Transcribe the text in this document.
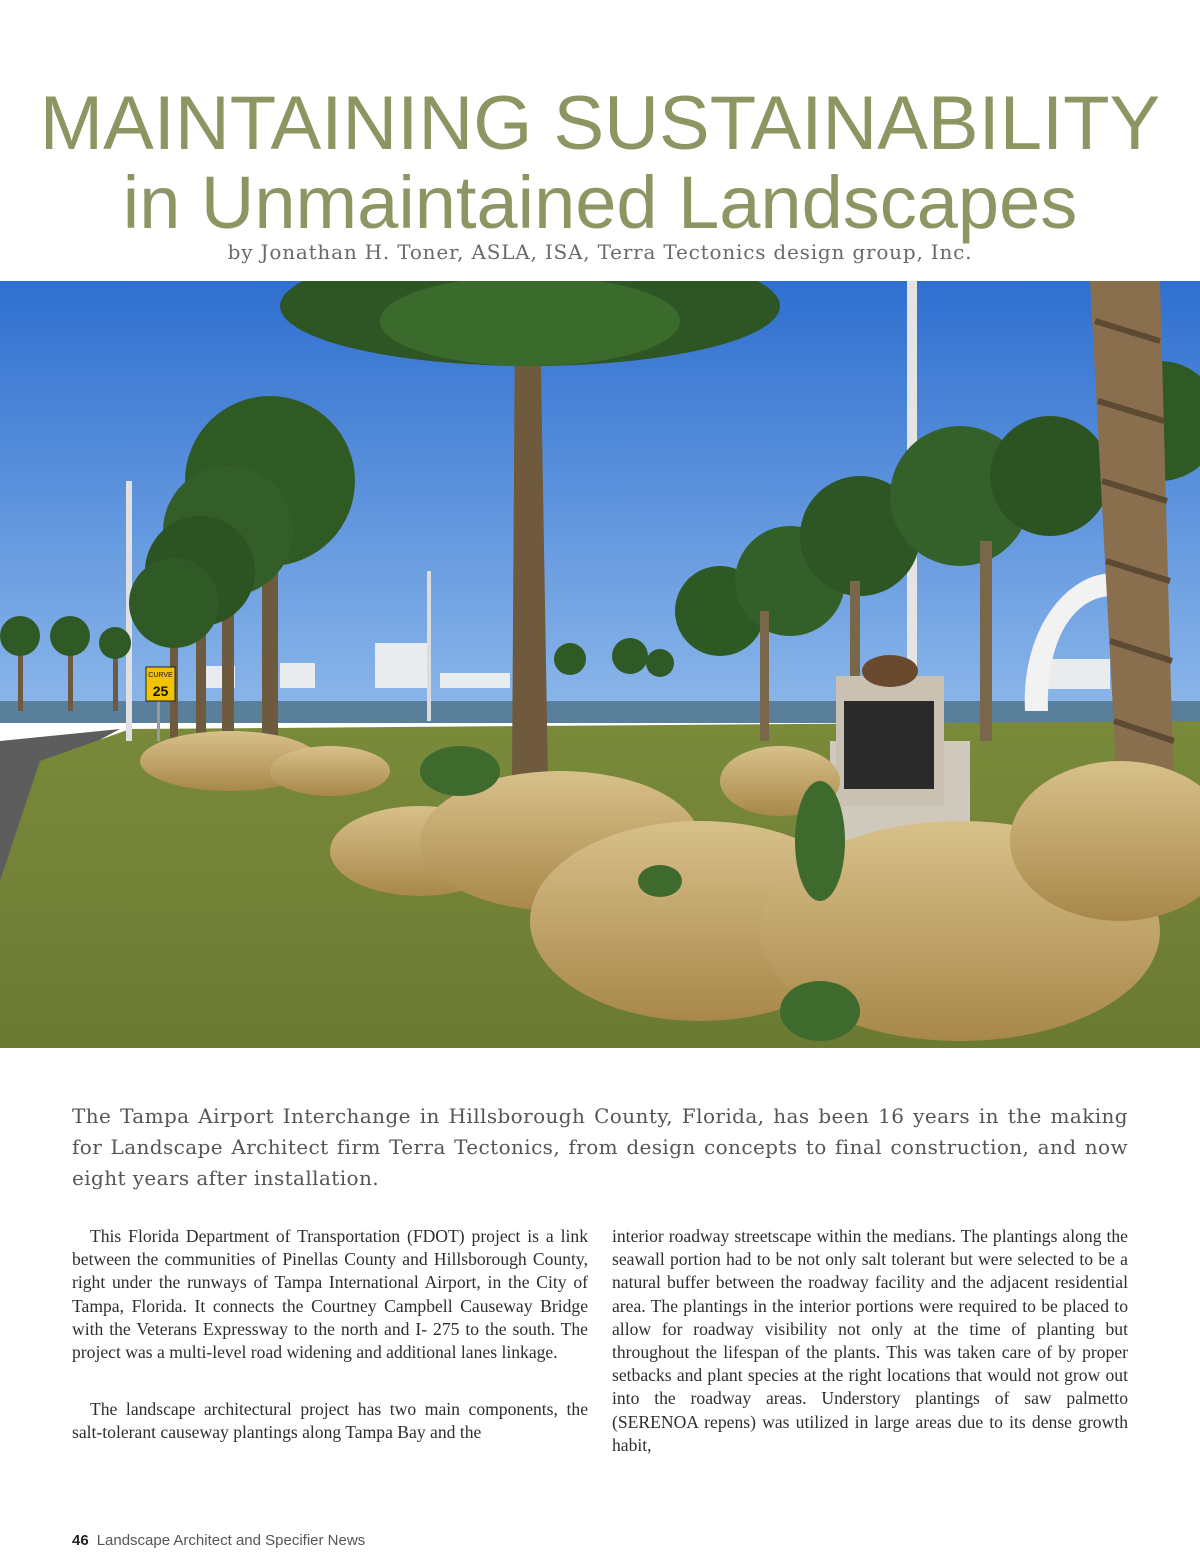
MAINTAINING SUSTAINABILITY
in Unmaintained Landscapes
by Jonathan H. Toner, ASLA, ISA, Terra Tectonics design group, Inc.
CURVE
25

The Tampa Airport Interchange in Hillsborough County, Florida, has been 16 years in the making for Landscape Architect firm Terra Tectonics, from design concepts to final construction, and now eight years after installation.

This Florida Department of Transportation (FDOT) project is a link between the communities of Pinellas County and Hillsborough County, right under the runways of Tampa International Airport, in the City of Tampa, Florida. It connects the Courtney Campbell Causeway Bridge with the Veterans Expressway to the north and I- 275 to the south. The project was a multi-level road widening and additional lanes linkage.

The landscape architectural project has two main components, the salt-tolerant causeway plantings along Tampa Bay and the

interior roadway streetscape within the medians. The plantings along the seawall portion had to be not only salt tolerant but were selected to be a natural buffer between the roadway facility and the adjacent residential area. The plantings in the interior portions were required to be placed to allow for roadway visibility not only at the time of planting but throughout the lifespan of the plants. This was taken care of by proper setbacks and plant species at the right locations that would not grow out into the roadway areas. Understory plantings of saw palmetto (SERENOA repens) was utilized in large areas due to its dense growth habit,

46 Landscape Architect and Specifier News
